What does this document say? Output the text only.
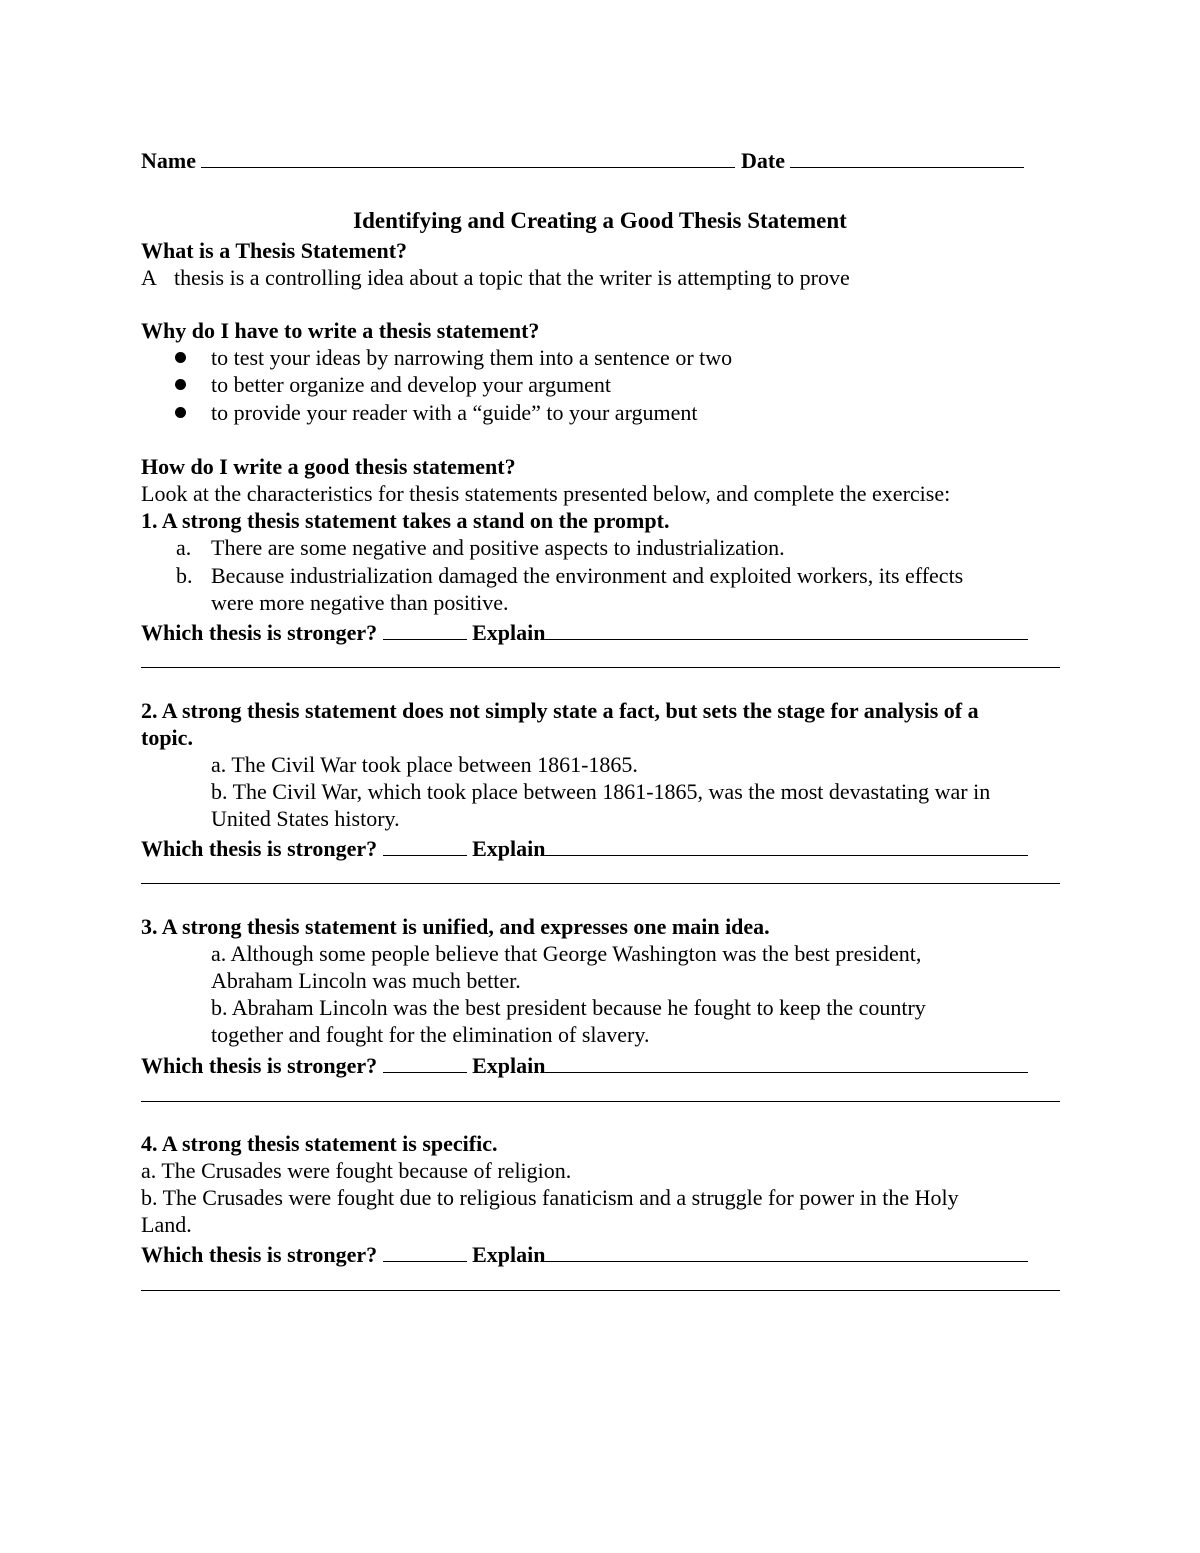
Name	Date
Identifying and Creating a Good Thesis Statement
What is a Thesis Statement?
A thesis is a controlling idea about a topic that the writer is attempting to prove
Why do I have to write a thesis statement?
to test your ideas by narrowing them into a sentence or two
to better organize and develop your argument
to provide your reader with a “guide” to your argument
How do I write a good thesis statement?
Look at the characteristics for thesis statements presented below, and complete the exercise:
1. A strong thesis statement takes a stand on the prompt.
a. There are some negative and positive aspects to industrialization.
b. Because industrialization damaged the environment and exploited workers, its effects
were more negative than positive.
Which thesis is stronger?	Explain
2. A strong thesis statement does not simply state a fact, but sets the stage for analysis of a
topic.
a. The Civil War took place between 1861-1865.
b. The Civil War, which took place between 1861-1865, was the most devastating war in
United States history.
Which thesis is stronger?	Explain
3. A strong thesis statement is unified, and expresses one main idea.
a. Although some people believe that George Washington was the best president,
Abraham Lincoln was much better.
b. Abraham Lincoln was the best president because he fought to keep the country
together and fought for the elimination of slavery.
Which thesis is stronger?	Explain
4. A strong thesis statement is specific.
a. The Crusades were fought because of religion.
b. The Crusades were fought due to religious fanaticism and a struggle for power in the Holy
Land.
Which thesis is stronger?	Explain
